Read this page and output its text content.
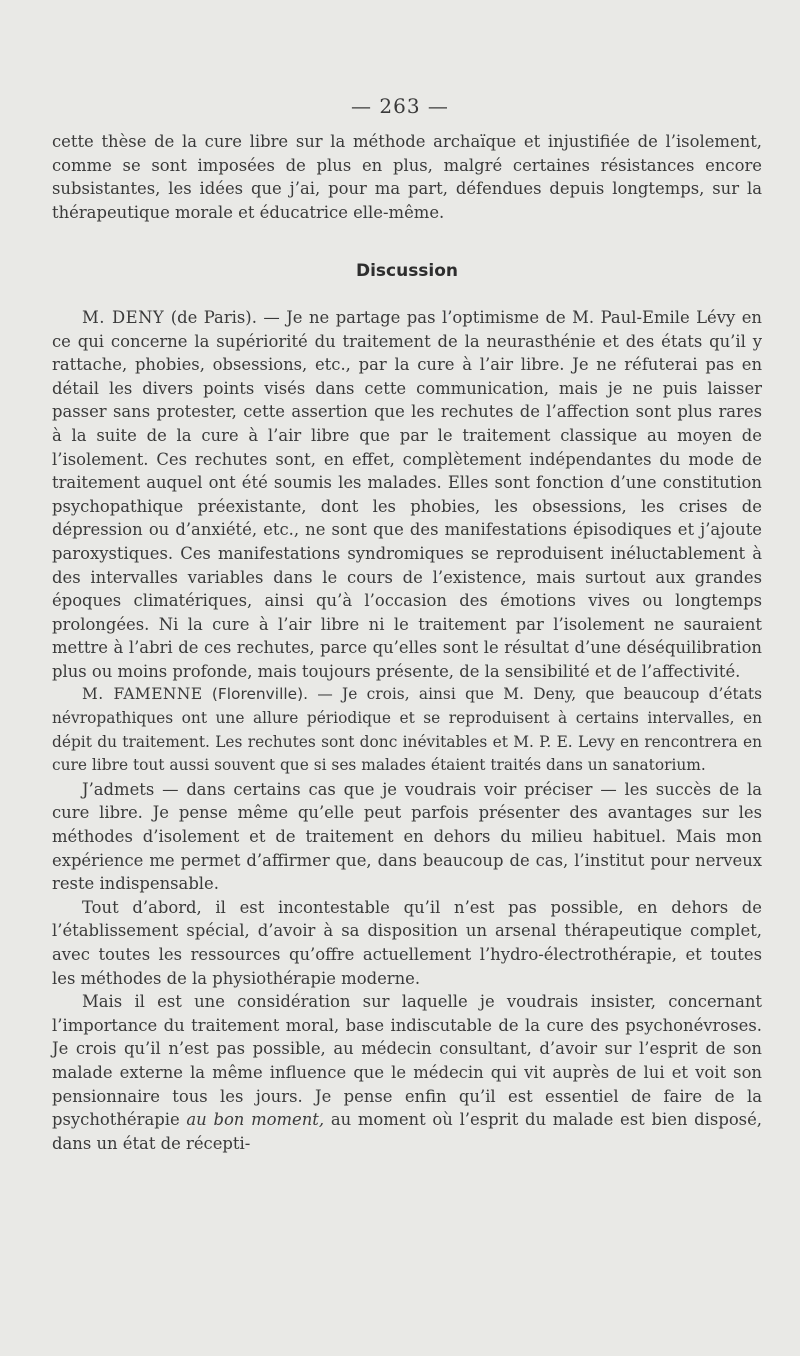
— 263 —

cette thèse de la cure libre sur la méthode archaïque et injustifiée de l’isolement, comme se sont imposées de plus en plus, malgré certaines résistances encore subsistantes, les idées que j’ai, pour ma part, défendues depuis longtemps, sur la thérapeutique morale et éducatrice elle-même.

Discussion

M. DENY (de Paris). — Je ne partage pas l’optimisme de M. Paul-Emile Lévy en ce qui concerne la supériorité du traitement de la neurasthénie et des états qu’il y rattache, phobies, obsessions, etc., par la cure à l’air libre. Je ne réfuterai pas en détail les divers points visés dans cette communication, mais je ne puis laisser passer sans protester, cette assertion que les rechutes de l’affection sont plus rares à la suite de la cure à l’air libre que par le traitement classique au moyen de l’isolement. Ces rechutes sont, en effet, complètement indépendantes du mode de traitement auquel ont été soumis les malades. Elles sont fonction d’une constitution psychopathique préexistante, dont les phobies, les obsessions, les crises de dépression ou d’anxiété, etc., ne sont que des manifestations épisodiques et j’ajoute paroxystiques. Ces manifestations syndromiques se reproduisent inéluctablement à des intervalles variables dans le cours de l’existence, mais surtout aux grandes époques climatériques, ainsi qu’à l’occasion des émotions vives ou longtemps prolongées. Ni la cure à l’air libre ni le traitement par l’isolement ne sauraient mettre à l’abri de ces rechutes, parce qu’elles sont le résultat d’une déséquilibration plus ou moins profonde, mais toujours présente, de la sensibilité et de l’affectivité.

M. FAMENNE (Florenville). — Je crois, ainsi que M. Deny, que beaucoup d’états névropathiques ont une allure périodique et se reproduisent à certains intervalles, en dépit du traitement. Les rechutes sont donc inévitables et M. P. E. Levy en rencontrera en cure libre tout aussi souvent que si ses malades étaient traités dans un sanatorium.

J’admets — dans certains cas que je voudrais voir préciser — les succès de la cure libre. Je pense même qu’elle peut parfois présenter des avantages sur les méthodes d’isolement et de traitement en dehors du milieu habituel. Mais mon expérience me permet d’affirmer que, dans beaucoup de cas, l’institut pour nerveux reste indispensable.

Tout d’abord, il est incontestable qu’il n’est pas possible, en dehors de l’établissement spécial, d’avoir à sa disposition un arsenal thérapeutique complet, avec toutes les ressources qu’offre actuellement l’hydro-électrothérapie, et toutes les méthodes de la physiothérapie moderne.

Mais il est une considération sur laquelle je voudrais insister, concernant l’importance du traitement moral, base indiscutable de la cure des psychonévroses. Je crois qu’il n’est pas possible, au médecin consultant, d’avoir sur l’esprit de son malade externe la même influence que le médecin qui vit auprès de lui et voit son pensionnaire tous les jours. Je pense enfin qu’il est essentiel de faire de la psychothérapie au bon moment, au moment où l’esprit du malade est bien disposé, dans un état de récepti-
